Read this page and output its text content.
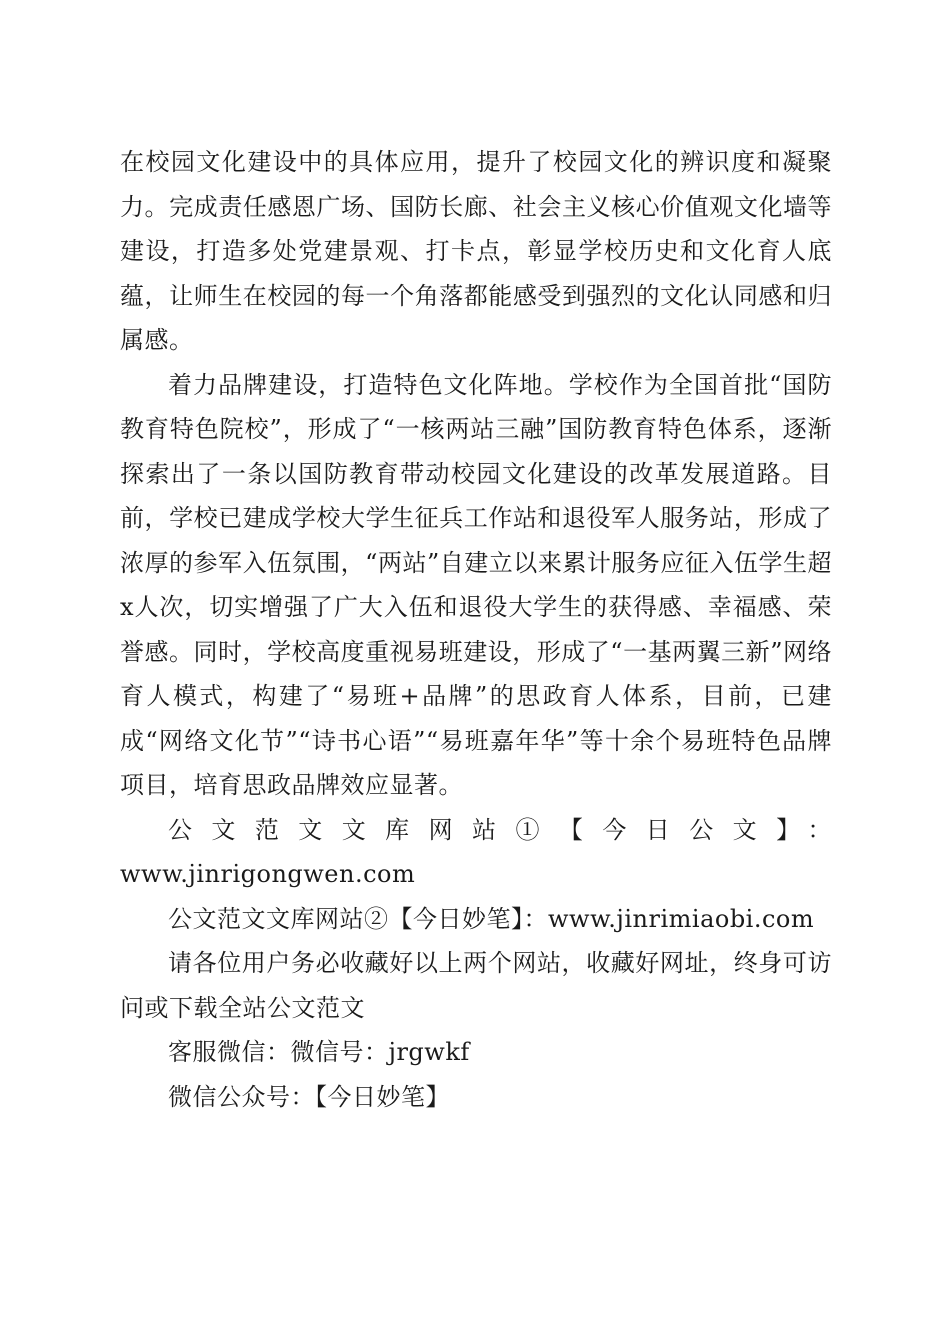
在校园文化建设中的具体应用，提升了校园文化的辨识度和凝聚力。完成责任感恩广场、国防长廊、社会主义核心价值观文化墙等建设，打造多处党建景观、打卡点，彰显学校历史和文化育人底蕴，让师生在校园的每一个角落都能感受到强烈的文化认同感和归属感。

着力品牌建设，打造特色文化阵地。学校作为全国首批“国防教育特色院校”，形成了“一核两站三融”国防教育特色体系，逐渐探索出了一条以国防教育带动校园文化建设的改革发展道路。目前，学校已建成学校大学生征兵工作站和退役军人服务站，形成了浓厚的参军入伍氛围，“两站”自建立以来累计服务应征入伍学生超x人次，切实增强了广大入伍和退役大学生的获得感、幸福感、荣誉感。同时，学校高度重视易班建设，形成了“一基两翼三新”网络育人模式，构建了“易班+品牌”的思政育人体系，目前，已建成“网络文化节”“诗书心语”“易班嘉年华”等十余个易班特色品牌项目，培育思政品牌效应显著。

公文范文文库网站①【今日公文】：

www.jinrigongwen.com

公文范文文库网站②【今日妙笔】：www.jinrimiaobi.com

请各位用户务必收藏好以上两个网站，收藏好网址，终身可访问或下载全站公文范文

客服微信：微信号：jrgwkf

微信公众号：【今日妙笔】
